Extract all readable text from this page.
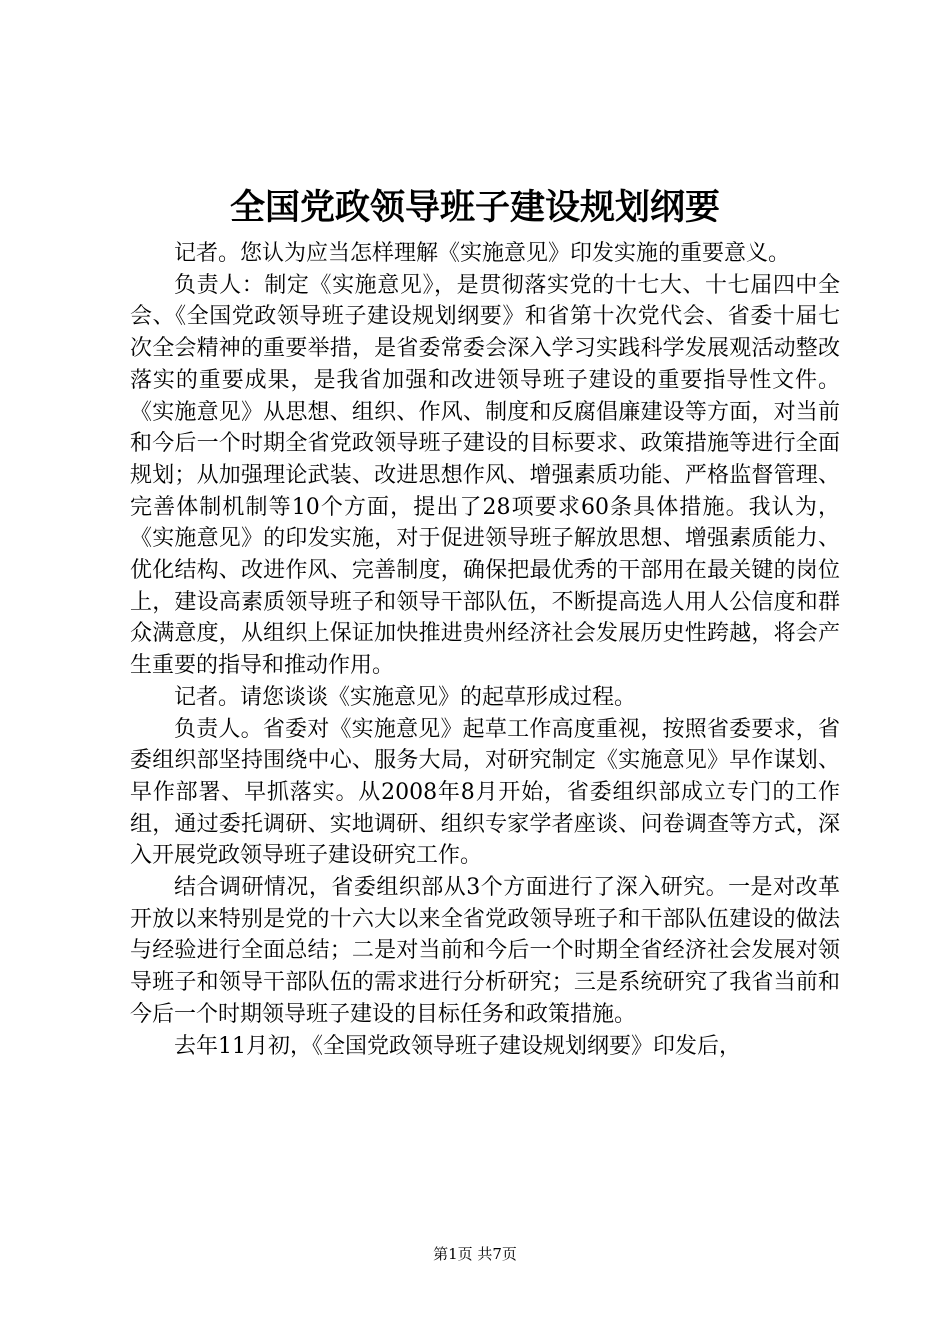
全国党政领导班子建设规划纲要

记者。您认为应当怎样理解《实施意见》印发实施的重要意义。

负责人：制定《实施意见》，是贯彻落实党的十七大、十七届四中全会、《全国党政领导班子建设规划纲要》和省第十次党代会、省委十届七次全会精神的重要举措，是省委常委会深入学习实践科学发展观活动整改落实的重要成果，是我省加强和改进领导班子建设的重要指导性文件。《实施意见》从思想、组织、作风、制度和反腐倡廉建设等方面，对当前和今后一个时期全省党政领导班子建设的目标要求、政策措施等进行全面规划；从加强理论武装、改进思想作风、增强素质功能、严格监督管理、完善体制机制等10个方面，提出了28项要求60条具体措施。我认为，《实施意见》的印发实施，对于促进领导班子解放思想、增强素质能力、优化结构、改进作风、完善制度，确保把最优秀的干部用在最关键的岗位上，建设高素质领导班子和领导干部队伍，不断提高选人用人公信度和群众满意度，从组织上保证加快推进贵州经济社会发展历史性跨越，将会产生重要的指导和推动作用。

记者。请您谈谈《实施意见》的起草形成过程。

负责人。省委对《实施意见》起草工作高度重视，按照省委要求，省委组织部坚持围绕中心、服务大局，对研究制定《实施意见》早作谋划、早作部署、早抓落实。从2008年8月开始，省委组织部成立专门的工作组，通过委托调研、实地调研、组织专家学者座谈、问卷调查等方式，深入开展党政领导班子建设研究工作。

结合调研情况，省委组织部从3个方面进行了深入研究。一是对改革开放以来特别是党的十六大以来全省党政领导班子和干部队伍建设的做法与经验进行全面总结；二是对当前和今后一个时期全省经济社会发展对领导班子和领导干部队伍的需求进行分析研究；三是系统研究了我省当前和今后一个时期领导班子建设的目标任务和政策措施。

去年11月初，《全国党政领导班子建设规划纲要》印发后，

第1页 共7页
